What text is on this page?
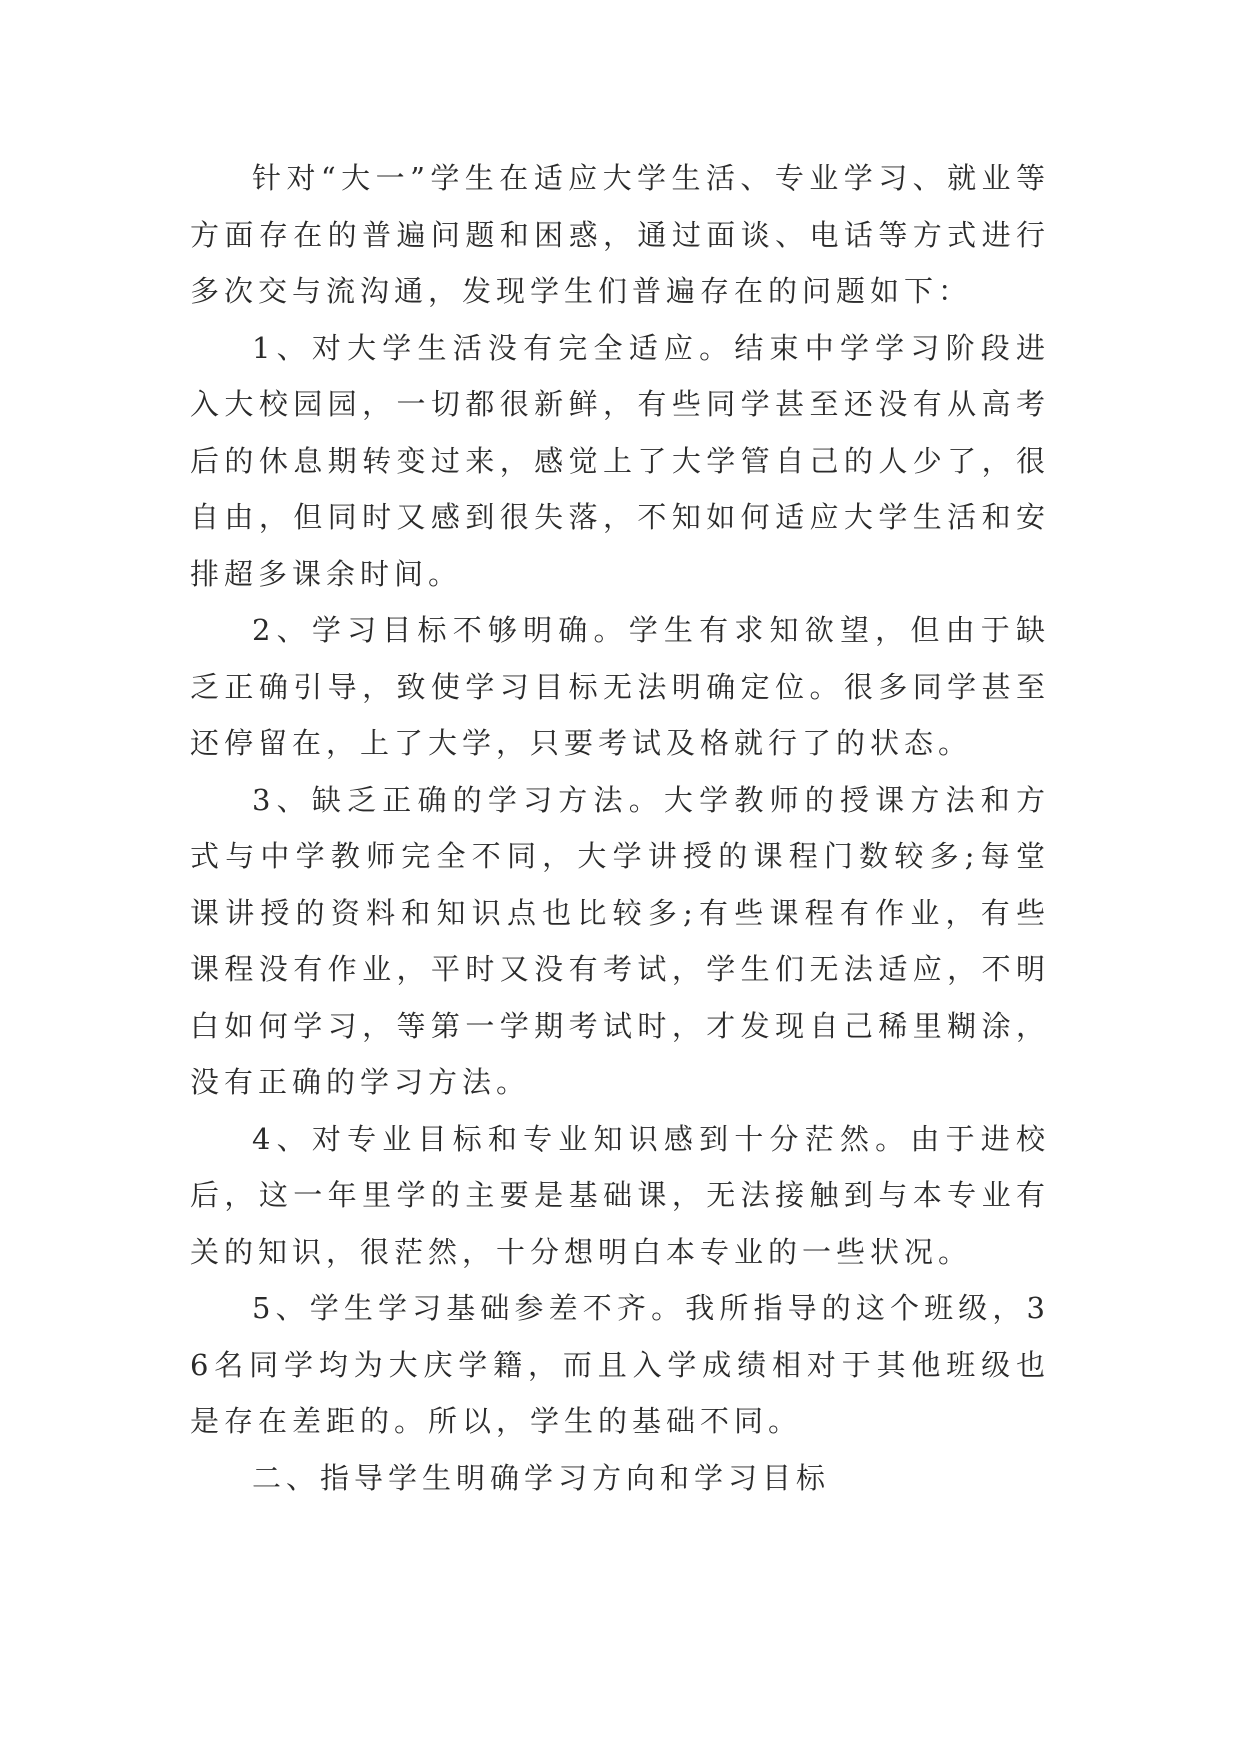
针对“大一”学生在适应大学生活、专业学习、就业等方面存在的普遍问题和困惑，通过面谈、电话等方式进行多次交与流沟通，发现学生们普遍存在的问题如下：

1、对大学生活没有完全适应。结束中学学习阶段进入大校园园，一切都很新鲜，有些同学甚至还没有从高考后的休息期转变过来，感觉上了大学管自己的人少了，很自由，但同时又感到很失落，不知如何适应大学生活和安排超多课余时间。

2、学习目标不够明确。学生有求知欲望，但由于缺乏正确引导，致使学习目标无法明确定位。很多同学甚至还停留在，上了大学，只要考试及格就行了的状态。

3、缺乏正确的学习方法。大学教师的授课方法和方式与中学教师完全不同，大学讲授的课程门数较多;每堂课讲授的资料和知识点也比较多;有些课程有作业，有些课程没有作业，平时又没有考试，学生们无法适应，不明白如何学习，等第一学期考试时，才发现自己稀里糊涂，没有正确的学习方法。

4、对专业目标和专业知识感到十分茫然。由于进校后，这一年里学的主要是基础课，无法接触到与本专业有关的知识，很茫然，十分想明白本专业的一些状况。

5、学生学习基础参差不齐。我所指导的这个班级，36名同学均为大庆学籍，而且入学成绩相对于其他班级也是存在差距的。所以，学生的基础不同。

二、指导学生明确学习方向和学习目标
